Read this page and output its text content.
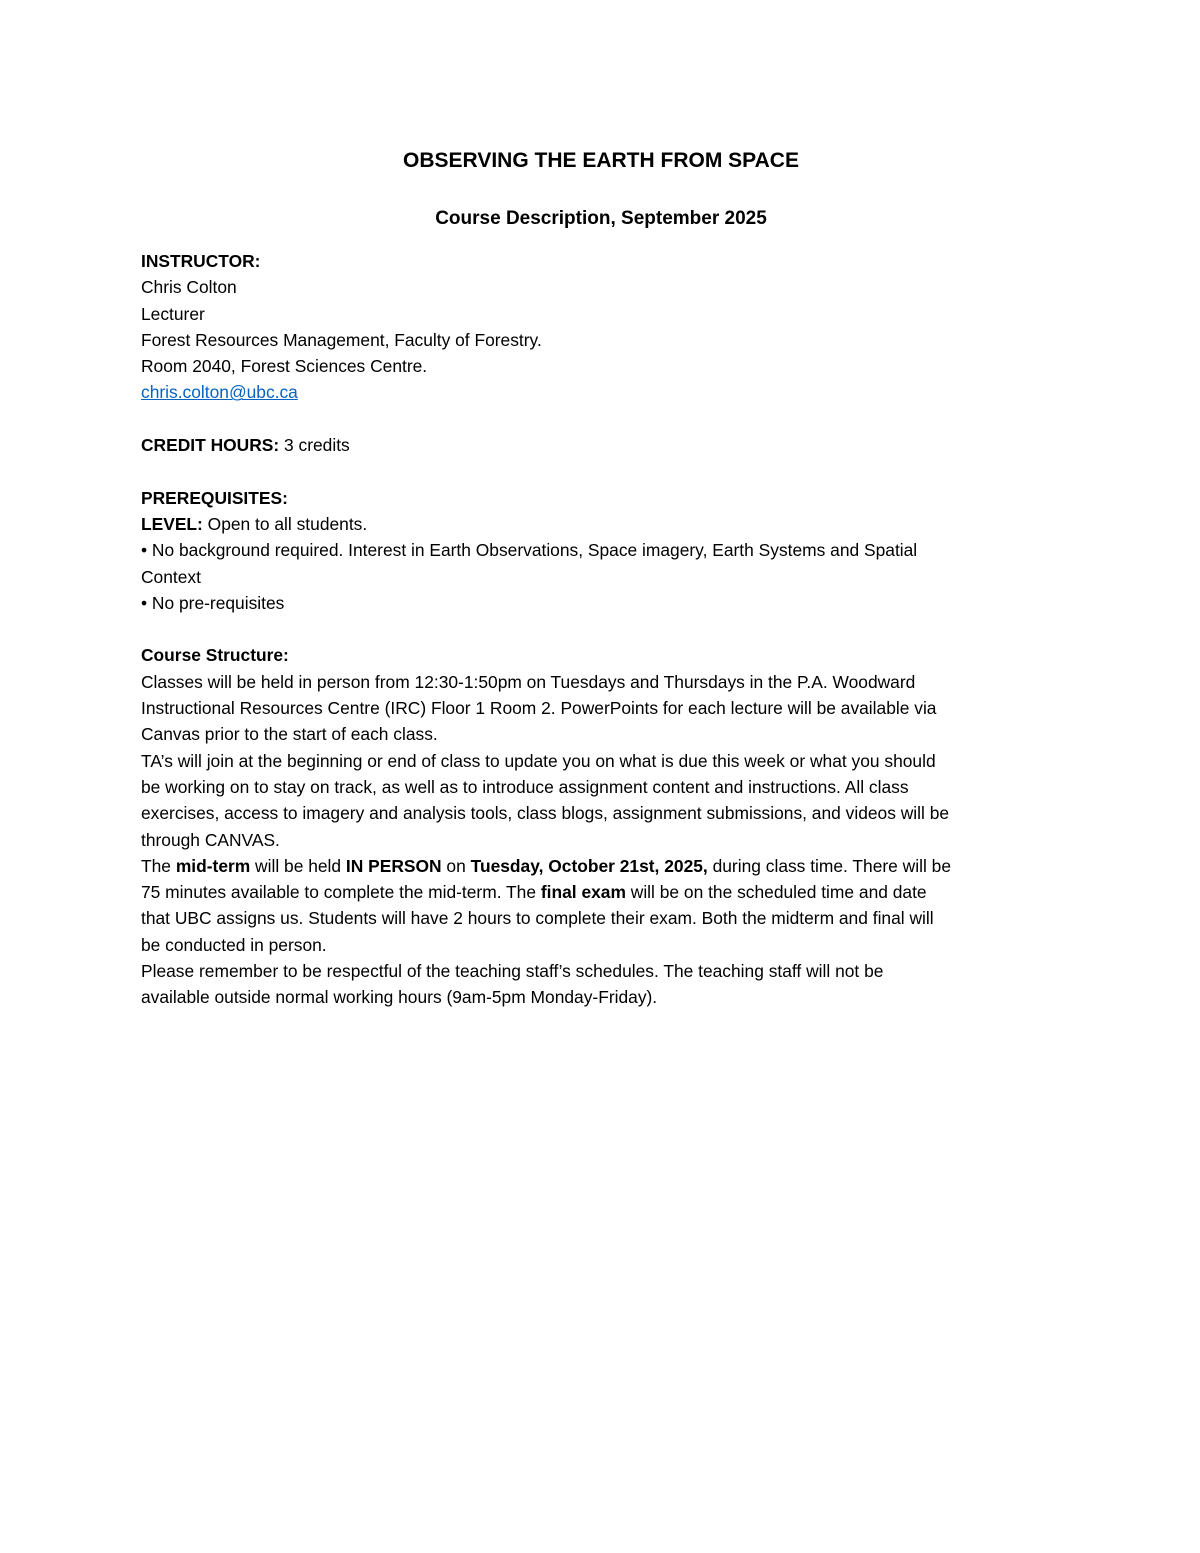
OBSERVING THE EARTH FROM SPACE
Course Description, September 2025
INSTRUCTOR:
Chris Colton
Lecturer
Forest Resources Management, Faculty of Forestry.
Room 2040, Forest Sciences Centre.
chris.colton@ubc.ca
CREDIT HOURS: 3 credits
PREREQUISITES:
LEVEL: Open to all students.
• No background required. Interest in Earth Observations, Space imagery, Earth Systems and Spatial
Context
• No pre-requisites
Course Structure:
Classes will be held in person from 12:30-1:50pm on Tuesdays and Thursdays in the P.A. Woodward
Instructional Resources Centre (IRC) Floor 1 Room 2. PowerPoints for each lecture will be available via
Canvas prior to the start of each class.
TA’s will join at the beginning or end of class to update you on what is due this week or what you should
be working on to stay on track, as well as to introduce assignment content and instructions. All class
exercises, access to imagery and analysis tools, class blogs, assignment submissions, and videos will be
through CANVAS.
The mid-term will be held IN PERSON on Tuesday, October 21st, 2025, during class time. There will be
75 minutes available to complete the mid-term. The final exam will be on the scheduled time and date
that UBC assigns us. Students will have 2 hours to complete their exam. Both the midterm and final will
be conducted in person.
Please remember to be respectful of the teaching staff’s schedules. The teaching staff will not be
available outside normal working hours (9am-5pm Monday-Friday).
